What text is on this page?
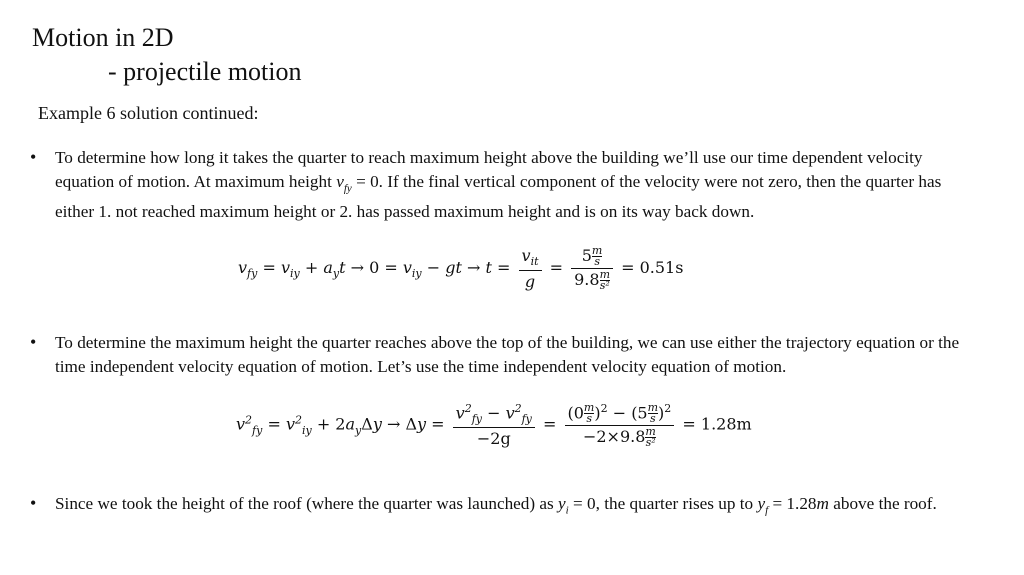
Motion in 2D
- projectile motion
Example 6 solution continued:
• To determine how long it takes the quarter to reach maximum height above the building we’ll use our time dependent velocity equation of motion. At maximum height $v_{fy} = 0$. If the final vertical component of the velocity were not zero, then the quarter has either 1. not reached maximum height or 2. has passed maximum height and is on its way back down.
$v_{fy} = v_{iy} + a_yt \to 0 = v_{iy}$ − gt → $t = \frac{v_{it}}{g} = \frac{5 \frac{m}{s}}{9.8 \frac{m}{\text{s²}}} = 0.51s$
• To determine the maximum height the quarter reaches above the top of the building, we can use either the trajectory equation or the time independent velocity equation of motion. Let’s use the time independent velocity equation of motion.
$v^2_{fy} = v^2_{iy} + 2a_y\Delta y \to \Delta y = \frac{v^2_{fy} - v^2_{fy}}{-2g} = \frac{(0 \frac{m}{s} )^2 - (5 \frac{m}{s} )^2}{-2\times 9.8 \frac{m}{\text{s²}}} = 1.28m$
• Since we took the height of the roof (where the quarter was launched) as $y_i = 0$, the quarter rises up to $y_f = 1.28m$ above the roof.
